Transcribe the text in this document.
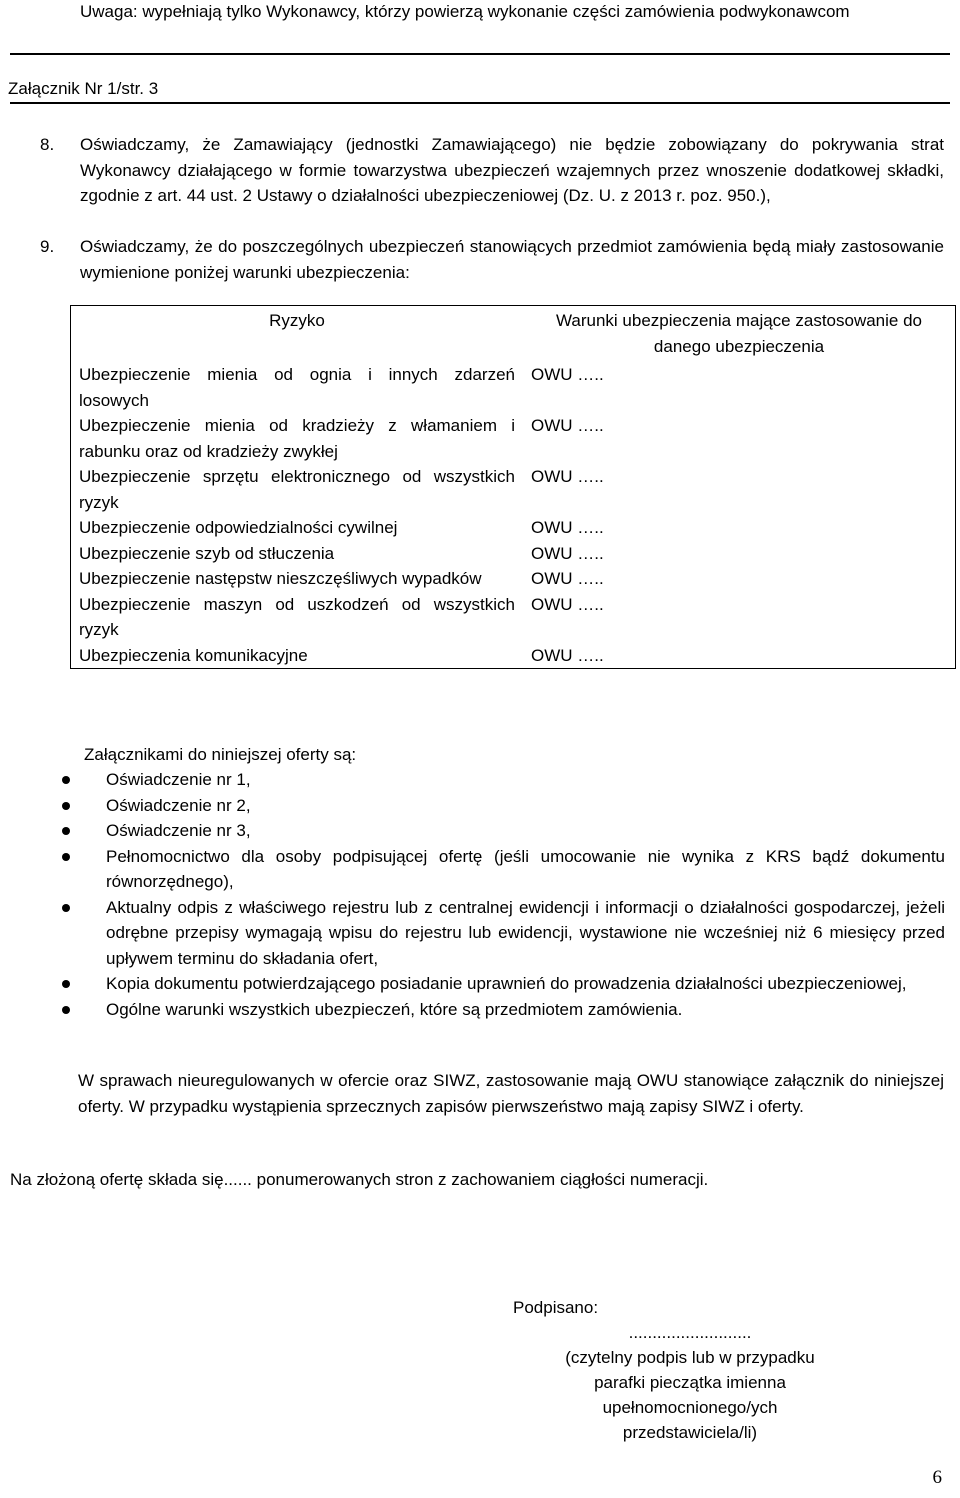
Uwaga: wypełniają tylko Wykonawcy, którzy powierzą wykonanie części zamówienia podwykonawcom
Załącznik Nr 1/str. 3
8. Oświadczamy, że Zamawiający (jednostki Zamawiającego) nie będzie zobowiązany do pokrywania strat Wykonawcy działającego w formie towarzystwa ubezpieczeń wzajemnych przez wnoszenie dodatkowej składki, zgodnie z art. 44 ust. 2 Ustawy o działalności ubezpieczeniowej (Dz. U. z 2013 r. poz. 950.),
9. Oświadczamy, że do poszczególnych ubezpieczeń stanowiących przedmiot zamówienia będą miały zastosowanie wymienione poniżej warunki ubezpieczenia:
Ryzyko	Warunki ubezpieczenia mające zastosowanie do danego ubezpieczenia
Ubezpieczenie mienia od ognia i innych zdarzeń losowych	OWU …..
Ubezpieczenie mienia od kradzieży z włamaniem i rabunku oraz od kradzieży zwykłej	OWU …..
Ubezpieczenie sprzętu elektronicznego od wszystkich ryzyk	OWU …..
Ubezpieczenie odpowiedzialności cywilnej	OWU …..
Ubezpieczenie szyb od stłuczenia	OWU …..
Ubezpieczenie następstw nieszczęśliwych wypadków	OWU …..
Ubezpieczenie maszyn od uszkodzeń od wszystkich ryzyk	OWU …..
Ubezpieczenia komunikacyjne	OWU …..
Załącznikami do niniejszej oferty są:
Oświadczenie nr 1,
Oświadczenie nr 2,
Oświadczenie nr 3,
Pełnomocnictwo dla osoby podpisującej ofertę (jeśli umocowanie nie wynika z KRS bądź dokumentu równorzędnego),
Aktualny odpis z właściwego rejestru lub z centralnej ewidencji i informacji o działalności gospodarczej, jeżeli odrębne przepisy wymagają wpisu do rejestru lub ewidencji, wystawione nie wcześniej niż 6 miesięcy przed upływem terminu do składania ofert,
Kopia dokumentu potwierdzającego posiadanie uprawnień do prowadzenia działalności ubezpieczeniowej,
Ogólne warunki wszystkich ubezpieczeń, które są przedmiotem zamówienia.
W sprawach nieuregulowanych w ofercie oraz SIWZ, zastosowanie mają OWU stanowiące załącznik do niniejszej oferty. W przypadku wystąpienia sprzecznych zapisów pierwszeństwo mają zapisy SIWZ i oferty.
Na złożoną ofertę składa się...... ponumerowanych stron z zachowaniem ciągłości numeracji.
Podpisano:
..........................
(czytelny podpis lub w przypadku
parafki pieczątka imienna
upełnomocnionego/ych
przedstawiciela/li)
6
